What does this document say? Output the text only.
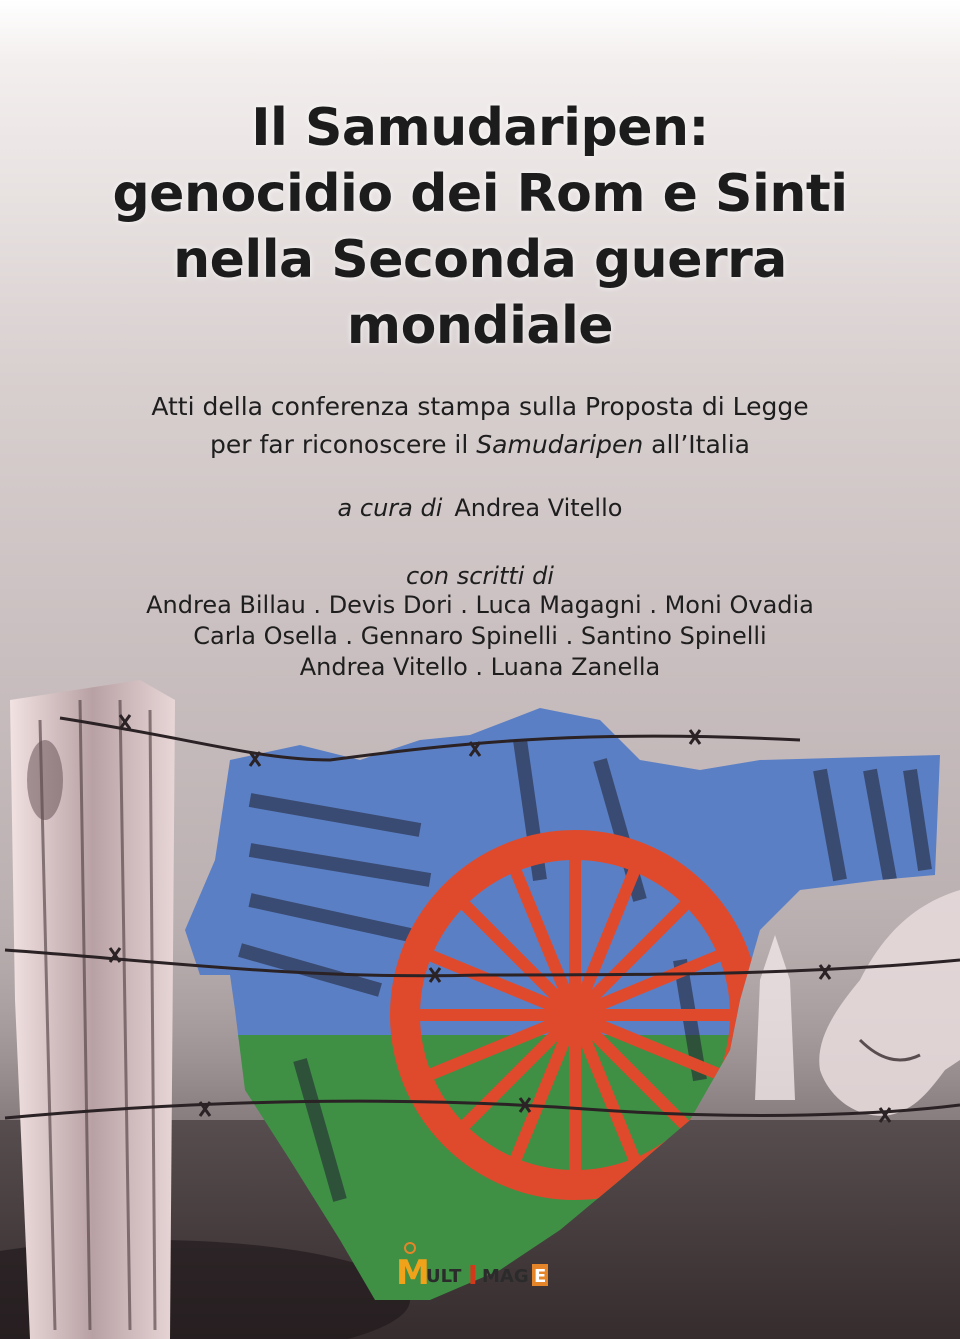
Il Samudaripen:
genocidio dei Rom e Sinti
nella Seconda guerra
mondiale
Atti della conferenza stampa sulla Proposta di Legge
per far riconoscere il Samudaripen all’Italia
a cura di Andrea Vitello
con scritti di
Andrea Billau . Devis Dori . Luca Magagni . Moni Ovadia
Carla Osella . Gennaro Spinelli . Santino Spinelli
Andrea Vitello . Luana Zanella
M
ULT I MAG E
